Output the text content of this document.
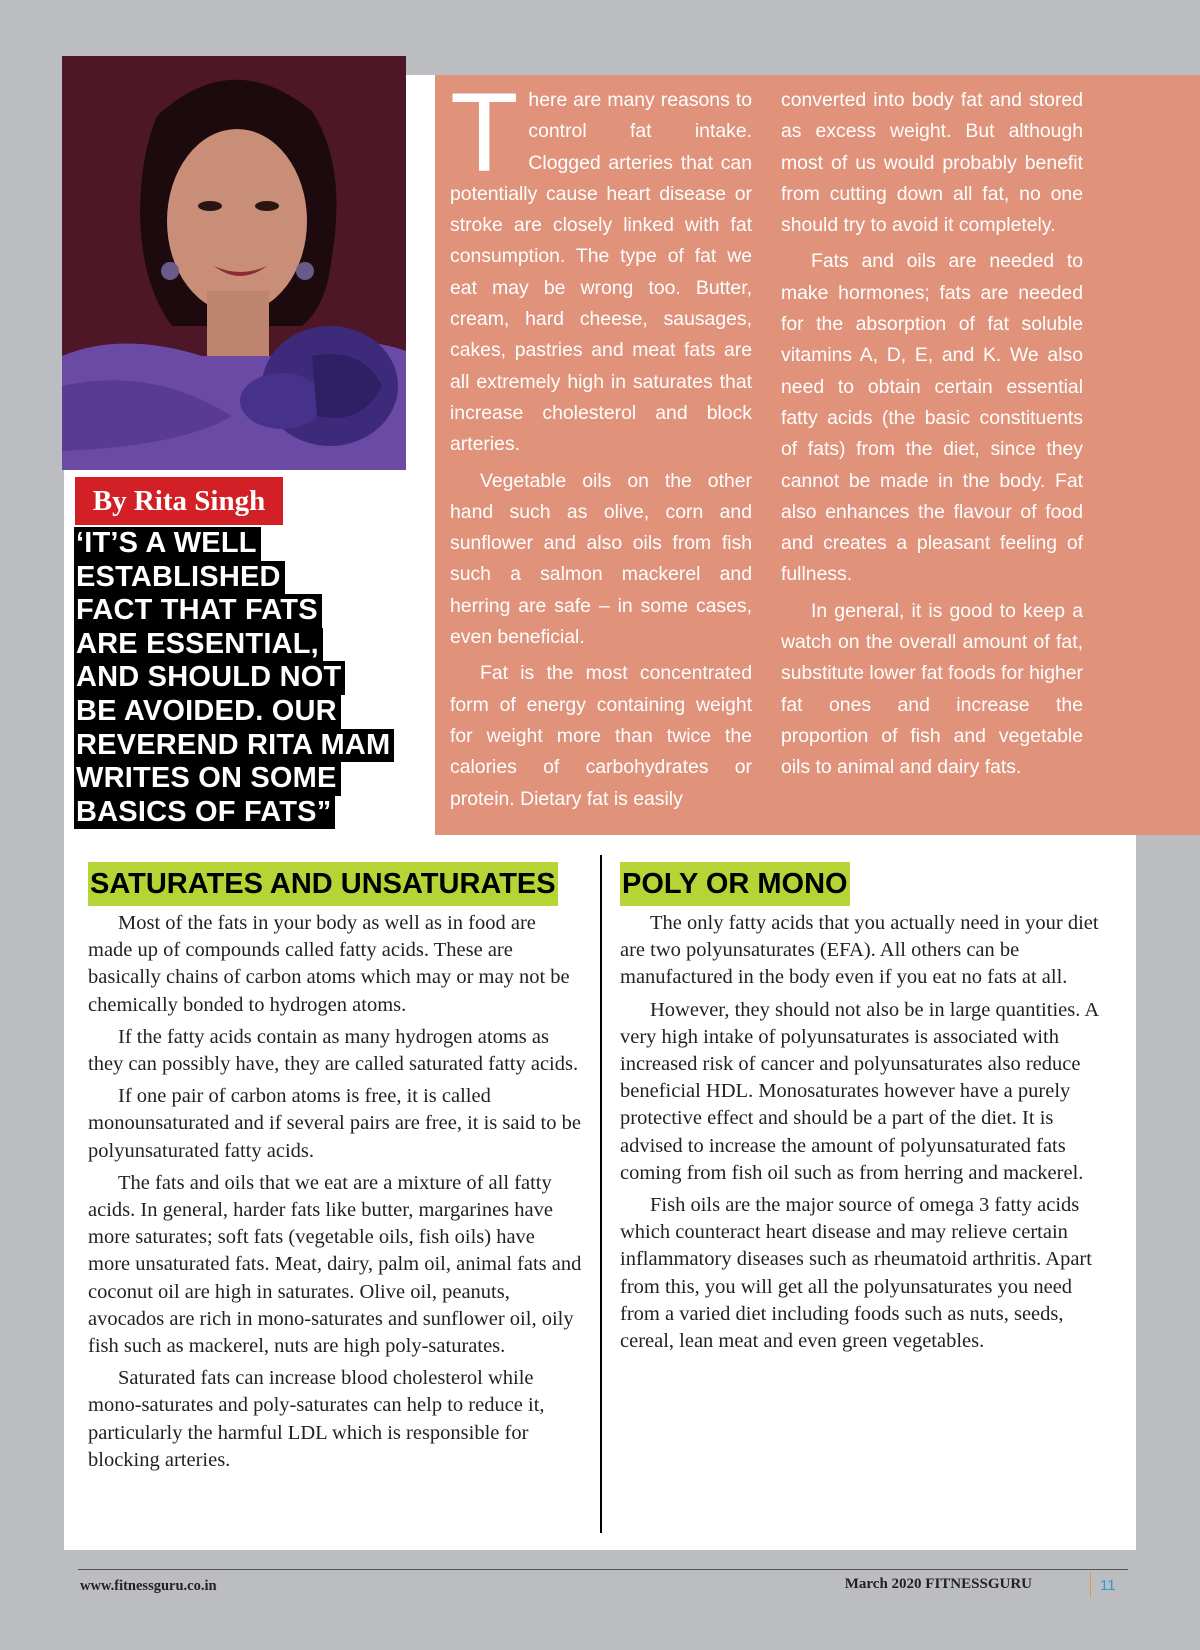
There are many reasons to control fat intake. Clogged arteries that can potentially cause heart disease or stroke are closely linked with fat consumption. The type of fat we eat may be wrong too. Butter, cream, hard cheese, sausages, cakes, pastries and meat fats are all extremely high in saturates that increase cholesterol and block arteries.

Vegetable oils on the other hand such as olive, corn and sunflower and also oils from fish such a salmon mackerel and herring are safe – in some cases, even beneficial.

Fat is the most concentrated form of energy containing weight for weight more than twice the calories of carbohydrates or protein. Dietary fat is easily

converted into body fat and stored as excess weight. But although most of us would probably benefit from cutting down all fat, no one should try to avoid it completely.

Fats and oils are needed to make hormones; fats are needed for the absorption of fat soluble vitamins A, D, E, and K. We also need to obtain certain essential fatty acids (the basic constituents of fats) from the diet, since they cannot be made in the body. Fat also enhances the flavour of food and creates a pleasant feeling of fullness.

In general, it is good to keep a watch on the overall amount of fat, substitute lower fat foods for higher fat ones and increase the proportion of fish and vegetable oils to animal and dairy fats.

By Rita Singh
‘IT’S A WELL
ESTABLISHED
FACT THAT FATS
ARE ESSENTIAL,
AND SHOULD NOT
BE AVOIDED. OUR
REVEREND RITA MAM
WRITES ON SOME
BASICS OF FATS”
SATURATES AND UNSATURATES

Most of the fats in your body as well as in food are made up of compounds called fatty acids. These are basically chains of carbon atoms which may or may not be chemically bonded to hydrogen atoms.

If the fatty acids contain as many hydrogen atoms as they can possibly have, they are called saturated fatty acids.

If one pair of carbon atoms is free, it is called monounsaturated and if several pairs are free, it is said to be polyunsaturated fatty acids.

The fats and oils that we eat are a mixture of all fatty acids. In general, harder fats like butter, margarines have more saturates; soft fats (vegetable oils, fish oils) have more unsaturated fats. Meat, dairy, palm oil, animal fats and coconut oil are high in saturates. Olive oil, peanuts, avocados are rich in mono-saturates and sunflower oil, oily fish such as mackerel, nuts are high poly-saturates.

Saturated fats can increase blood cholesterol while mono-saturates and poly-saturates can help to reduce it, particularly the harmful LDL which is responsible for blocking arteries.

POLY OR MONO

The only fatty acids that you actually need in your diet are two polyunsaturates (EFA). All others can be manufactured in the body even if you eat no fats at all.

However, they should not also be in large quantities. A very high intake of polyunsaturates is associated with increased risk of cancer and polyunsaturates also reduce beneficial HDL. Monosaturates however have a purely protective effect and should be a part of the diet. It is advised to increase the amount of polyunsaturated fats coming from fish oil such as from herring and mackerel.

Fish oils are the major source of omega 3 fatty acids which counteract heart disease and may relieve certain inflammatory diseases such as rheumatoid arthritis. Apart from this, you will get all the polyunsaturates you need from a varied diet including foods such as nuts, seeds, cereal, lean meat and even green vegetables.

www.fitnessguru.co.in	March 2020 FITNESSGURU	11
